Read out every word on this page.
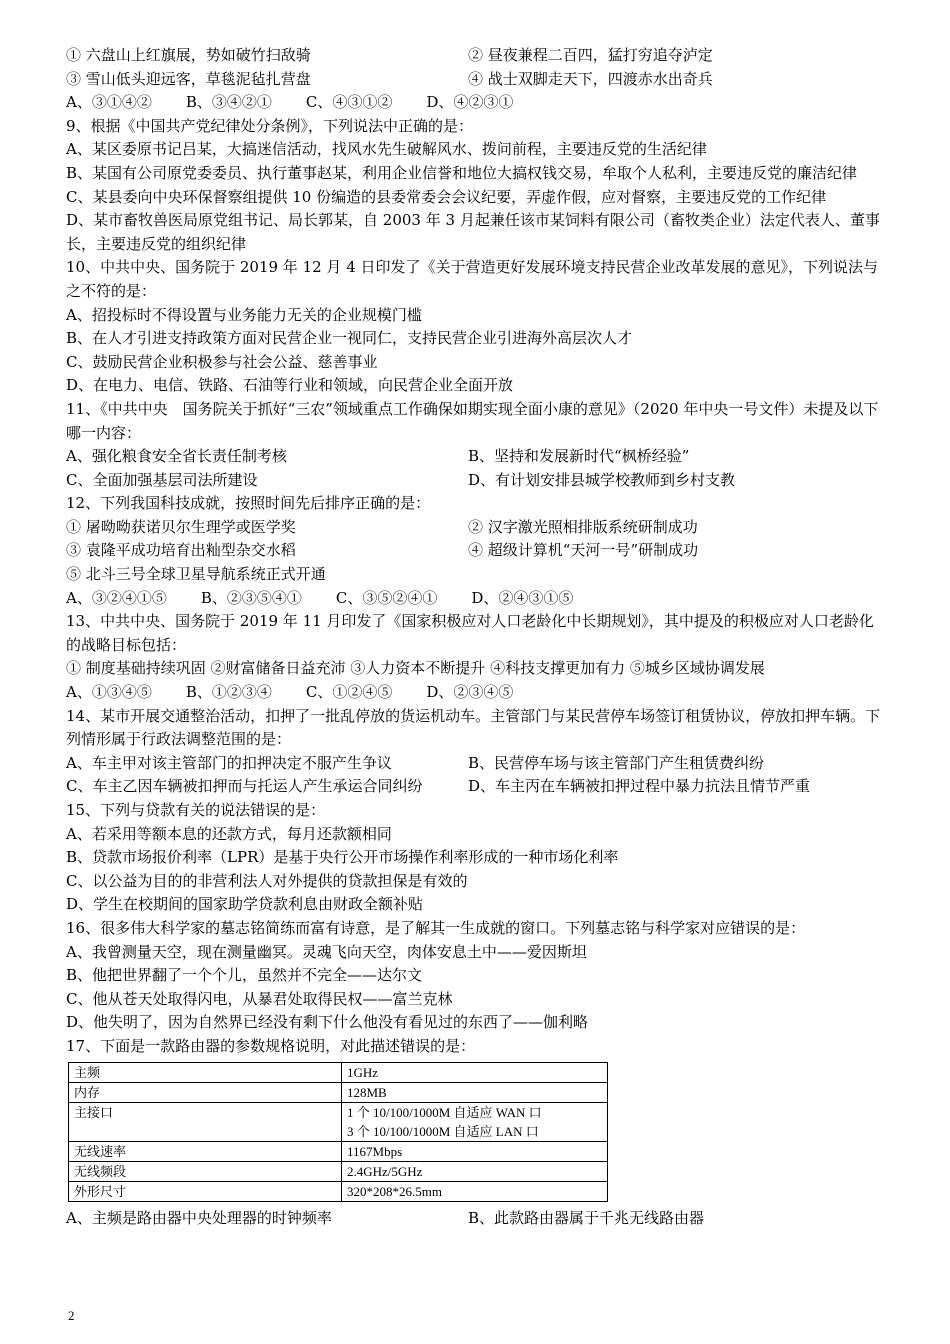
① 六盘山上红旗展，势如破竹扫敌骑	② 昼夜兼程二百四，猛打穷追夺泸定
③ 雪山低头迎远客，草毯泥毡扎营盘	④ 战士双脚走天下，四渡赤水出奇兵
A、③①④② B、③④②① C、④③①② D、④②③①
9、根据《中国共产党纪律处分条例》，下列说法中正确的是：
A、某区委原书记吕某，大搞迷信活动，找风水先生破解风水、拨问前程，主要违反党的生活纪律
B、某国有公司原党委委员、执行董事赵某，利用企业信誉和地位大搞权钱交易，牟取个人私利，主要违反党的廉洁纪律
C、某县委向中央环保督察组提供 10 份编造的县委常委会会议纪要，弄虚作假，应对督察，主要违反党的工作纪律
D、某市畜牧兽医局原党组书记、局长郭某，自 2003 年 3 月起兼任该市某饲料有限公司（畜牧类企业）法定代表人、董事长，主要违反党的组织纪律
10、中共中央、国务院于 2019 年 12 月 4 日印发了《关于营造更好发展环境支持民营企业改革发展的意见》，下列说法与之不符的是：
A、招投标时不得设置与业务能力无关的企业规模门槛
B、在人才引进支持政策方面对民营企业一视同仁，支持民营企业引进海外高层次人才
C、鼓励民营企业积极参与社会公益、慈善事业
D、在电力、电信、铁路、石油等行业和领域，向民营企业全面开放
11、《中共中央　国务院关于抓好“三农”领域重点工作确保如期实现全面小康的意见》（2020 年中央一号文件）未提及以下哪一内容：
A、强化粮食安全省长责任制考核	B、坚持和发展新时代“枫桥经验”
C、全面加强基层司法所建设	D、有计划安排县城学校教师到乡村支教
12、下列我国科技成就，按照时间先后排序正确的是：
① 屠呦呦获诺贝尔生理学或医学奖	② 汉字激光照相排版系统研制成功
③ 袁隆平成功培育出籼型杂交水稻	④ 超级计算机“天河一号”研制成功
⑤ 北斗三号全球卫星导航系统正式开通
A、③②④①⑤ B、②③⑤④① C、③⑤②④① D、②④③①⑤
13、中共中央、国务院于 2019 年 11 月印发了《国家积极应对人口老龄化中长期规划》，其中提及的积极应对人口老龄化的战略目标包括：
① 制度基础持续巩固 ②财富储备日益充沛 ③人力资本不断提升 ④科技支撑更加有力 ⑤城乡区域协调发展
A、①③④⑤ B、①②③④ C、①②④⑤ D、②③④⑤
14、某市开展交通整治活动，扣押了一批乱停放的货运机动车。主管部门与某民营停车场签订租赁协议，停放扣押车辆。下列情形属于行政法调整范围的是：
A、车主甲对该主管部门的扣押决定不服产生争议	B、民营停车场与该主管部门产生租赁费纠纷
C、车主乙因车辆被扣押而与托运人产生承运合同纠纷	D、车主丙在车辆被扣押过程中暴力抗法且情节严重
15、下列与贷款有关的说法错误的是：
A、若采用等额本息的还款方式，每月还款额相同
B、贷款市场报价利率（LPR）是基于央行公开市场操作利率形成的一种市场化利率
C、以公益为目的的非营利法人对外提供的贷款担保是有效的
D、学生在校期间的国家助学贷款利息由财政全额补贴
16、很多伟大科学家的墓志铭简练而富有诗意，是了解其一生成就的窗口。下列墓志铭与科学家对应错误的是：
A、我曾测量天空，现在测量幽冥。灵魂飞向天空，肉体安息土中——爱因斯坦
B、他把世界翻了一个个儿，虽然并不完全——达尔文
C、他从苍天处取得闪电，从暴君处取得民权——富兰克林
D、他失明了，因为自然界已经没有剩下什么他没有看见过的东西了——伽利略
17、下面是一款路由器的参数规格说明，对此描述错误的是：
主频	1GHz
内存	128MB
主接口	1 个 10/100/1000M 自适应 WAN 口
3 个 10/100/1000M 自适应 LAN 口

无线速率	1167Mbps
无线频段	2.4GHz/5GHz
外形尺寸	320*208*26.5mm
A、主频是路由器中央处理器的时钟频率	B、此款路由器属于千兆无线路由器
2
